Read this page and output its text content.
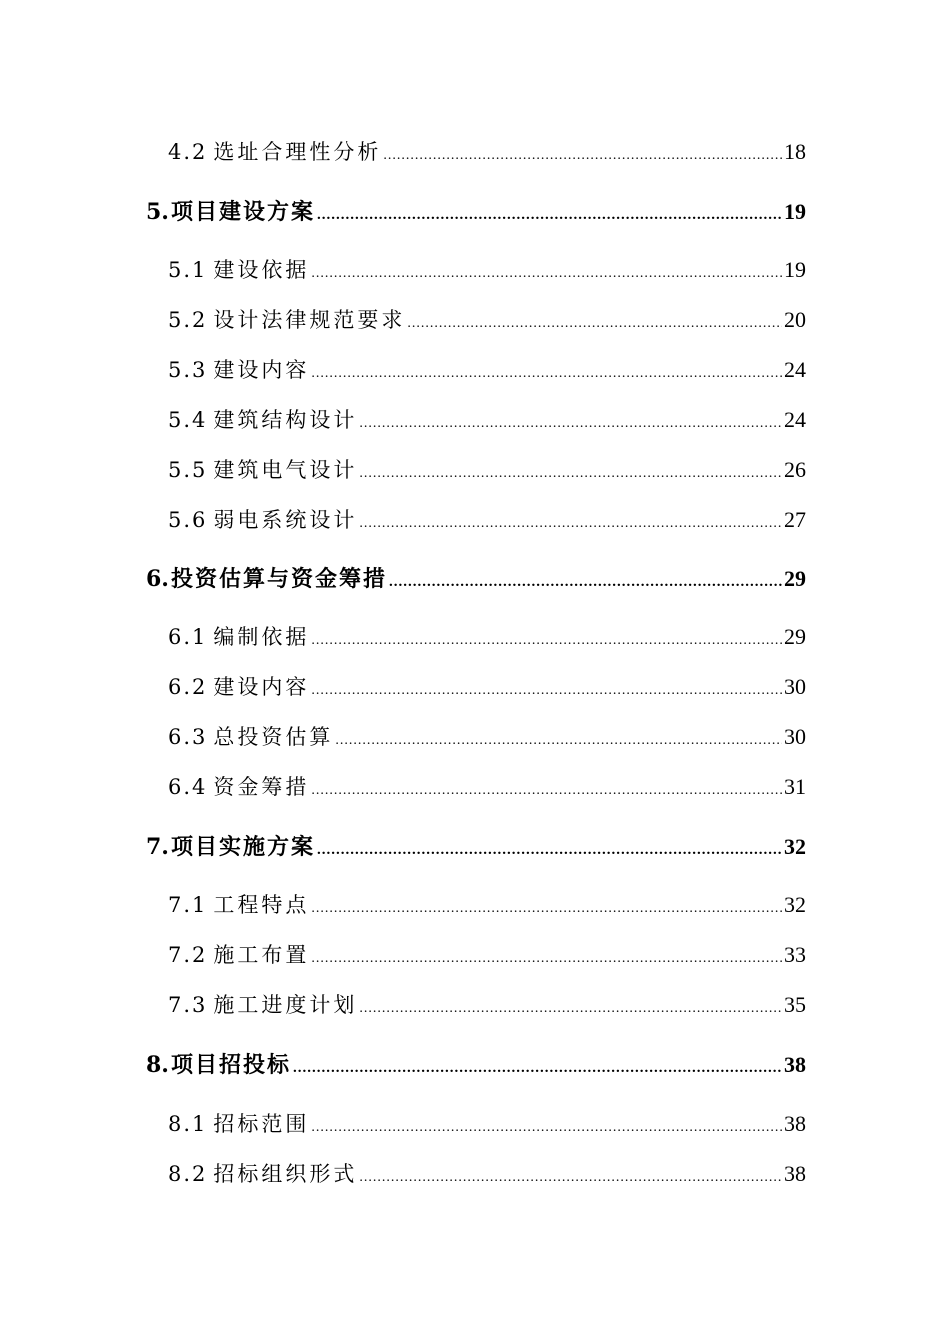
4.2 选址合理性分析 .....	18
5. 项目建设方案 .....	19
5.1 建设依据 .....	19
5.2 设计法律规范要求 .....	20
5.3 建设内容 .....	24
5.4 建筑结构设计 .....	24
5.5 建筑电气设计 .....	26
5.6 弱电系统设计 .....	27
6. 投资估算与资金筹措 .....	29
6.1 编制依据 .....	29
6.2 建设内容 .....	30
6.3 总投资估算 .....	30
6.4 资金筹措 .....	31
7. 项目实施方案 .....	32
7.1 工程特点 .....	32
7.2 施工布置 .....	33
7.3 施工进度计划 .....	35
8. 项目招投标 .....	38
8.1 招标范围 .....	38
8.2 招标组织形式 .....	38
